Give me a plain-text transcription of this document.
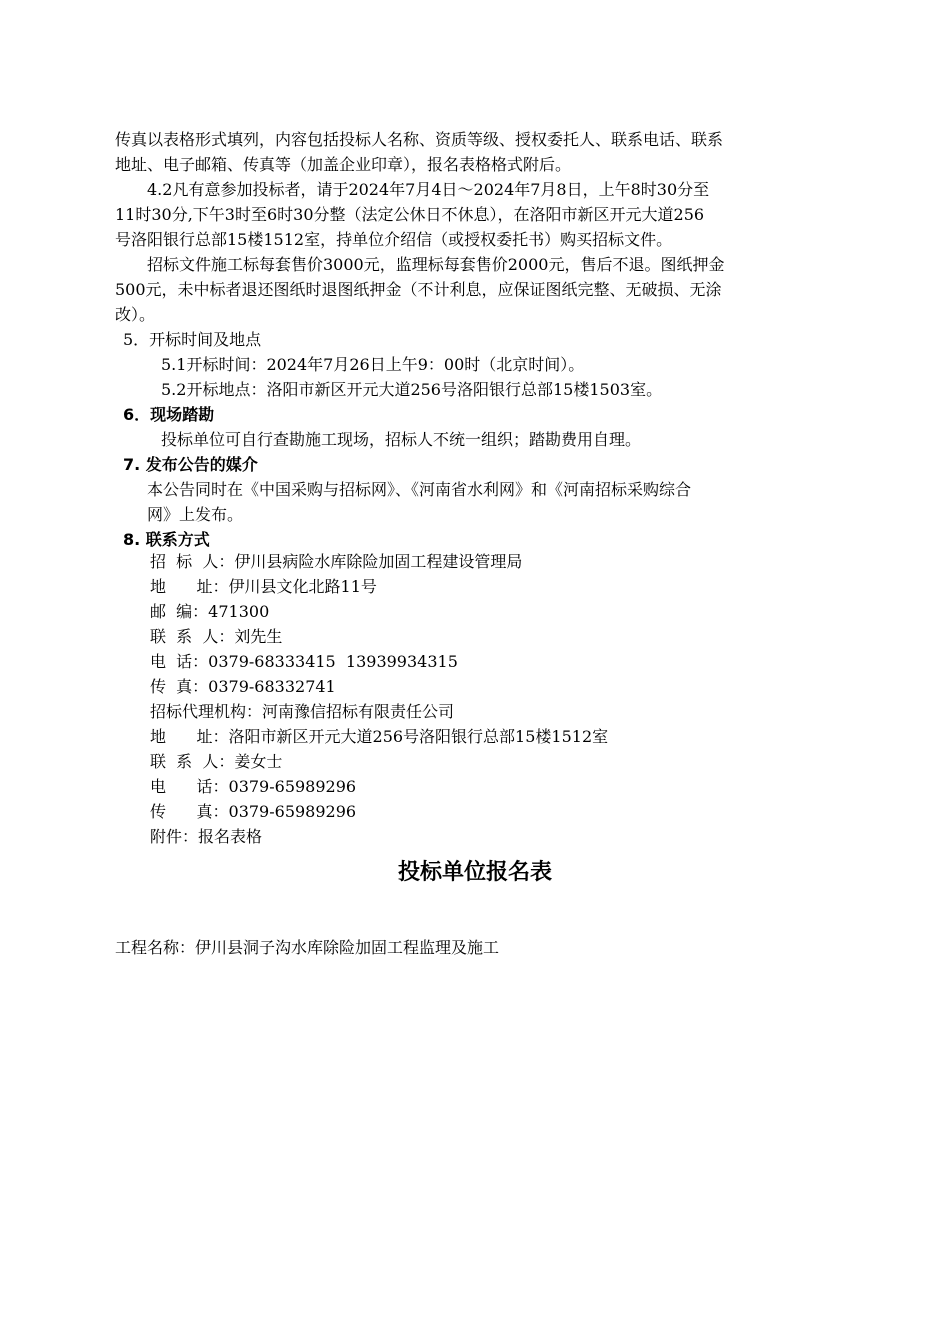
传真以表格形式填列，内容包括投标人名称、资质等级、授权委托人、联系电话、联系
地址、电子邮箱、传真等（加盖企业印章），报名表格格式附后。
4.2凡有意参加投标者，请于2024年7月4日～2024年7月8日，上午8时30分至
11时30分,下午3时至6时30分整（法定公休日不休息），在洛阳市新区开元大道256
号洛阳银行总部15楼1512室，持单位介绍信（或授权委托书）购买招标文件。
招标文件施工标每套售价3000元，监理标每套售价2000元，售后不退。图纸押金
500元，未中标者退还图纸时退图纸押金（不计利息，应保证图纸完整、无破损、无涂
改）。
5．开标时间及地点
5.1开标时间：2024年7月26日上午9：00时（北京时间）。
5.2开标地点：洛阳市新区开元大道256号洛阳银行总部15楼1503室。
6．现场踏勘
投标单位可自行查勘施工现场，招标人不统一组织；踏勘费用自理。
7. 发布公告的媒介
本公告同时在《中国采购与招标网》、《河南省水利网》和《河南招标采购综合
网》上发布。
8. 联系方式
招  标  人：伊川县病险水库除险加固工程建设管理局
地      址：伊川县文化北路11号
邮  编：471300
联  系  人：刘先生
电  话：0379-68333415  13939934315
传  真：0379-68332741
招标代理机构：河南豫信招标有限责任公司
地      址：洛阳市新区开元大道256号洛阳银行总部15楼1512室
联  系  人：姜女士
电      话：0379-65989296
传      真：0379-65989296
附件：报名表格
投标单位报名表
工程名称：伊川县洞子沟水库除险加固工程监理及施工
